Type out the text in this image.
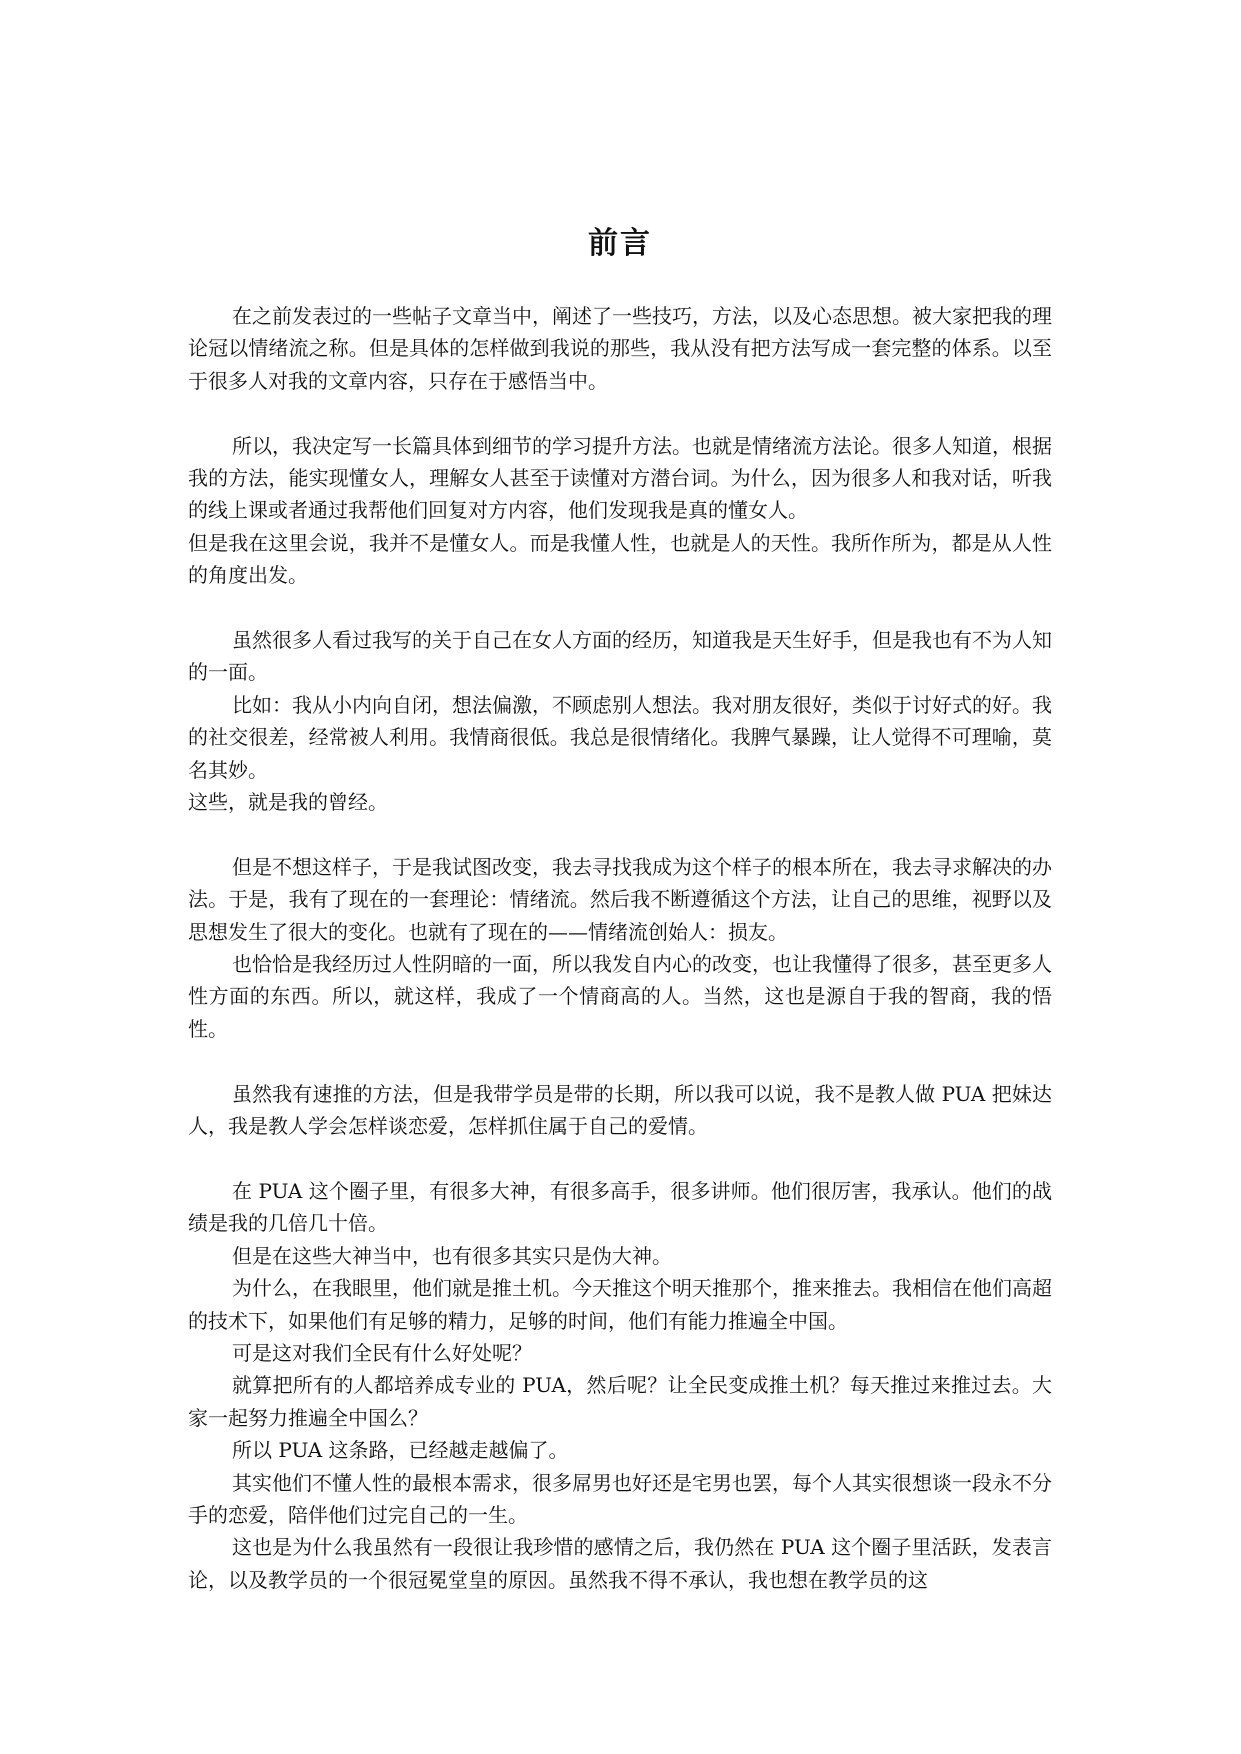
前言

在之前发表过的一些帖子文章当中，阐述了一些技巧，方法，以及心态思想。被大家把我的理论冠以情绪流之称。但是具体的怎样做到我说的那些，我从没有把方法写成一套完整的体系。以至于很多人对我的文章内容，只存在于感悟当中。

所以，我决定写一长篇具体到细节的学习提升方法。也就是情绪流方法论。很多人知道，根据我的方法，能实现懂女人，理解女人甚至于读懂对方潜台词。为什么，因为很多人和我对话，听我的线上课或者通过我帮他们回复对方内容，他们发现我是真的懂女人。

但是我在这里会说，我并不是懂女人。而是我懂人性，也就是人的天性。我所作所为，都是从人性的角度出发。

虽然很多人看过我写的关于自己在女人方面的经历，知道我是天生好手，但是我也有不为人知的一面。

比如：我从小内向自闭，想法偏激，不顾虑别人想法。我对朋友很好，类似于讨好式的好。我的社交很差，经常被人利用。我情商很低。我总是很情绪化。我脾气暴躁，让人觉得不可理喻，莫名其妙。

这些，就是我的曾经。

但是不想这样子，于是我试图改变，我去寻找我成为这个样子的根本所在，我去寻求解决的办法。于是，我有了现在的一套理论：情绪流。然后我不断遵循这个方法，让自己的思维，视野以及思想发生了很大的变化。也就有了现在的——情绪流创始人：损友。

也恰恰是我经历过人性阴暗的一面，所以我发自内心的改变，也让我懂得了很多，甚至更多人性方面的东西。所以，就这样，我成了一个情商高的人。当然，这也是源自于我的智商，我的悟性。

虽然我有速推的方法，但是我带学员是带的长期，所以我可以说，我不是教人做 PUA 把妹达人，我是教人学会怎样谈恋爱，怎样抓住属于自己的爱情。

在 PUA 这个圈子里，有很多大神，有很多高手，很多讲师。他们很厉害，我承认。他们的战绩是我的几倍几十倍。

但是在这些大神当中，也有很多其实只是伪大神。

为什么，在我眼里，他们就是推土机。今天推这个明天推那个，推来推去。我相信在他们高超的技术下，如果他们有足够的精力，足够的时间，他们有能力推遍全中国。

可是这对我们全民有什么好处呢？

就算把所有的人都培养成专业的 PUA，然后呢？让全民变成推土机？每天推过来推过去。大家一起努力推遍全中国么？

所以 PUA 这条路，已经越走越偏了。

其实他们不懂人性的最根本需求，很多屌男也好还是宅男也罢，每个人其实很想谈一段永不分手的恋爱，陪伴他们过完自己的一生。

这也是为什么我虽然有一段很让我珍惜的感情之后，我仍然在 PUA 这个圈子里活跃，发表言论，以及教学员的一个很冠冕堂皇的原因。虽然我不得不承认，我也想在教学员的这
